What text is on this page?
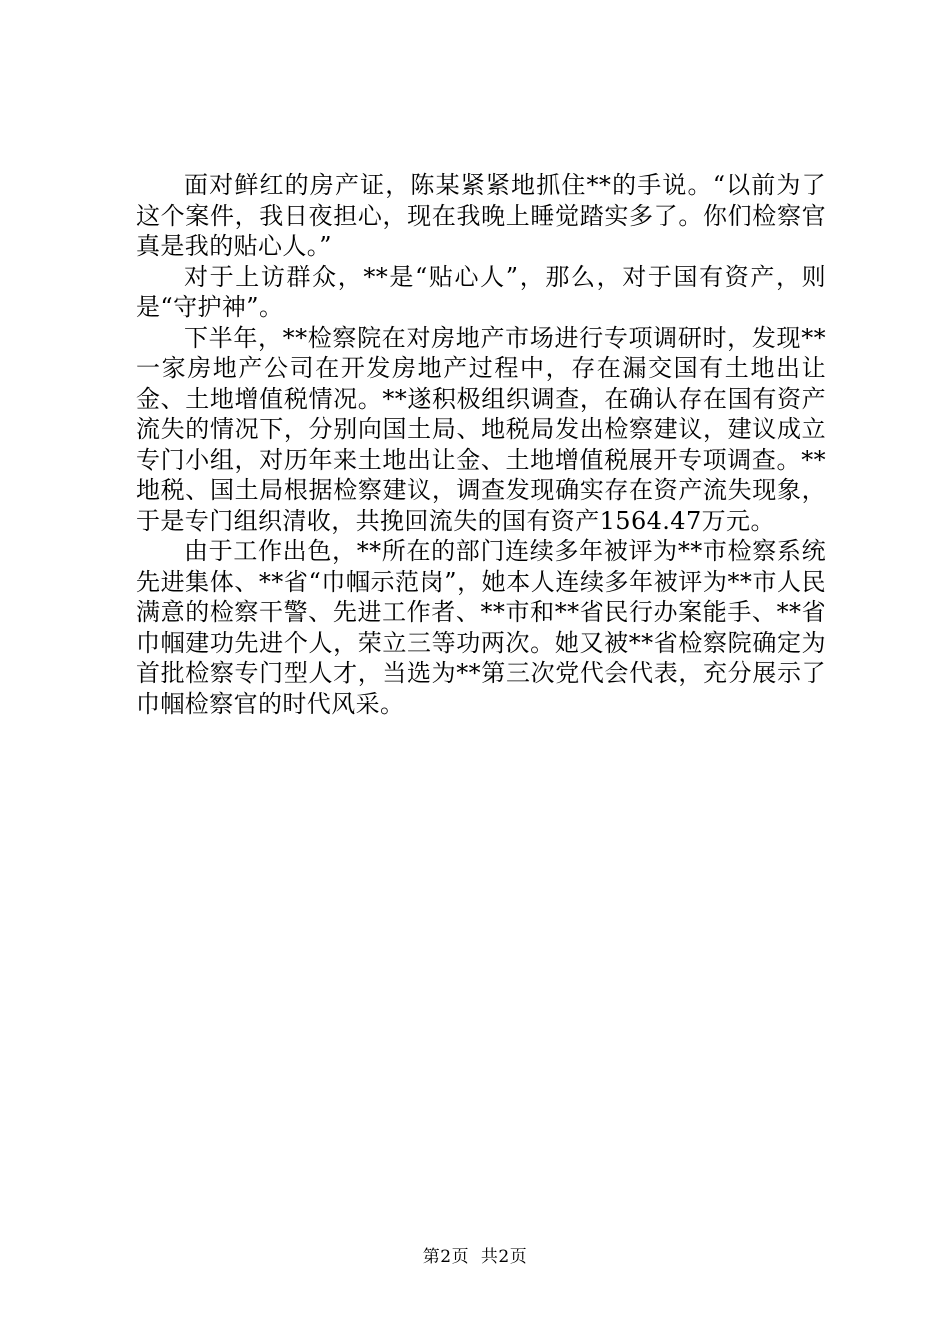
面对鲜红的房产证，陈某紧紧地抓住**的手说。“以前为了这个案件，我日夜担心，现在我晚上睡觉踏实多了。你们检察官真是我的贴心人。”

对于上访群众，**是“贴心人”，那么，对于国有资产，则是“守护神”。

下半年，**检察院在对房地产市场进行专项调研时，发现**一家房地产公司在开发房地产过程中，存在漏交国有土地出让金、土地增值税情况。**遂积极组织调查，在确认存在国有资产流失的情况下，分别向国土局、地税局发出检察建议，建议成立专门小组，对历年来土地出让金、土地增值税展开专项调查。**地税、国土局根据检察建议，调查发现确实存在资产流失现象，于是专门组织清收，共挽回流失的国有资产1564.47万元。

由于工作出色，**所在的部门连续多年被评为**市检察系统先进集体、**省“巾帼示范岗”，她本人连续多年被评为**市人民满意的检察干警、先进工作者、**市和**省民行办案能手、**省巾帼建功先进个人，荣立三等功两次。她又被**省检察院确定为首批检察专门型人才，当选为**第三次党代会代表，充分展示了巾帼检察官的时代风采。

第2页  共2页
